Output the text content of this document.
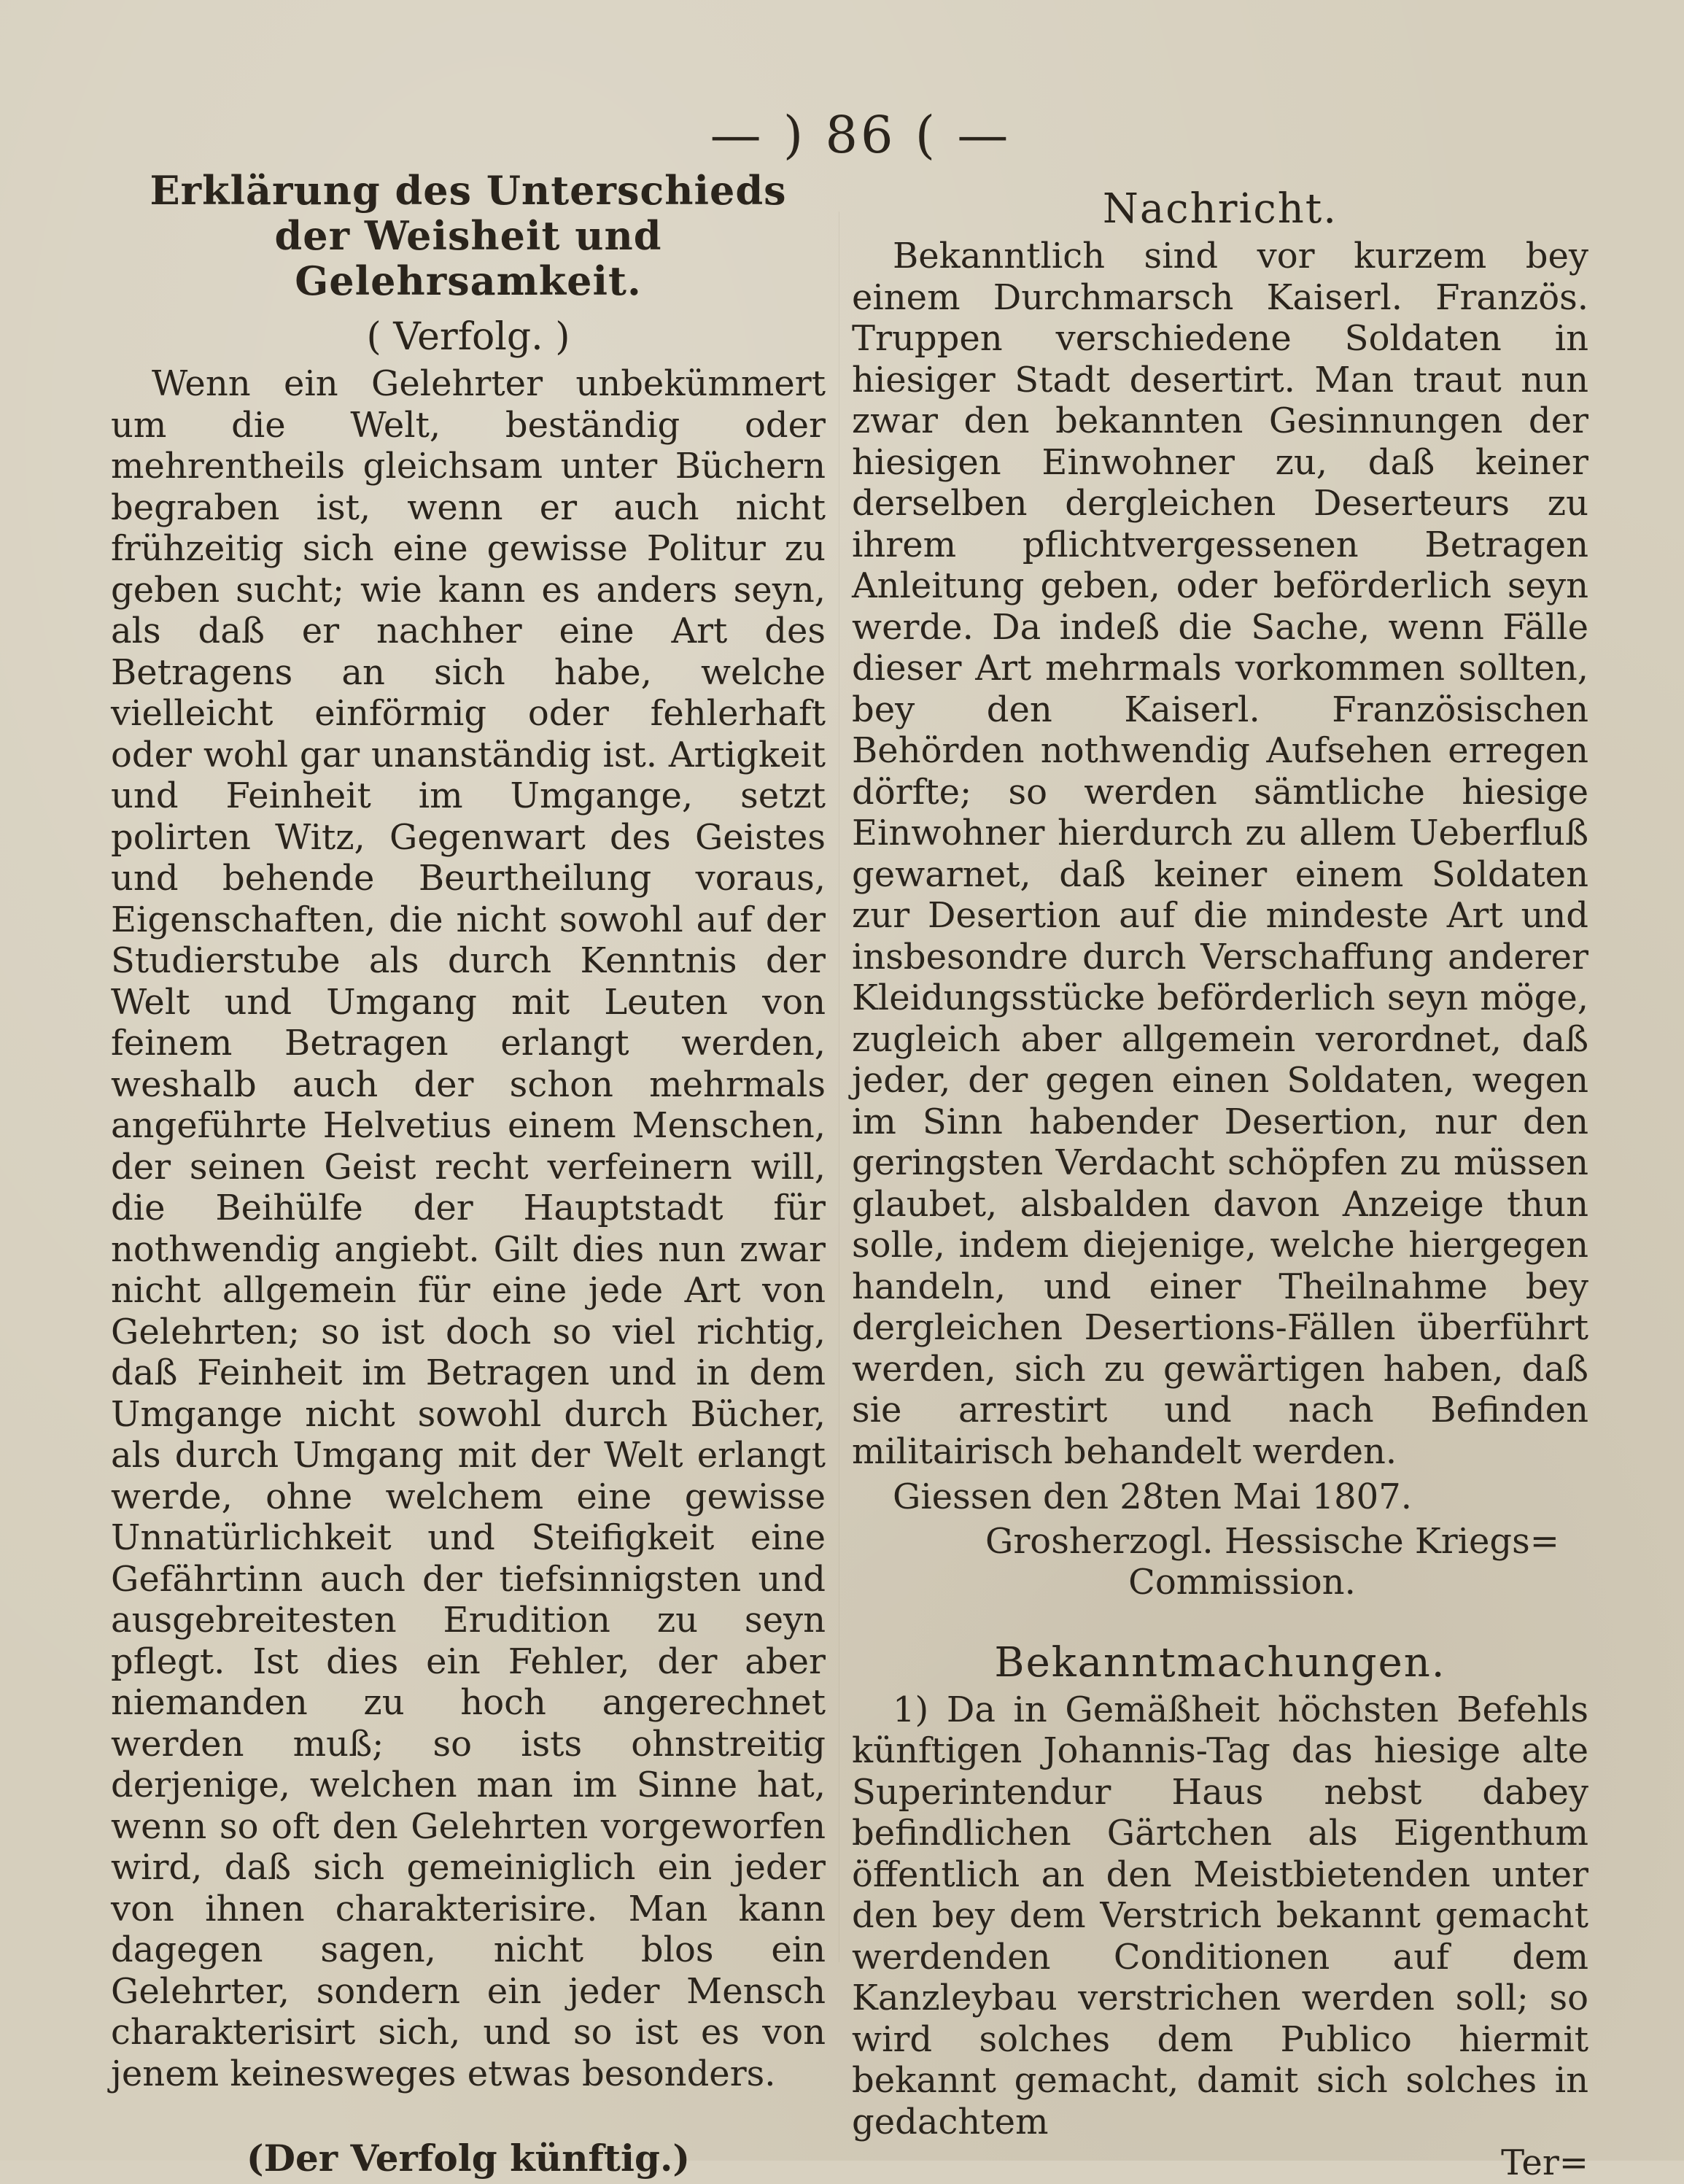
— ) 86 ( —
Erklärung des Unterschieds der Weisheit und Gelehrsamkeit.
( Verfolg. )

Wenn ein Gelehrter unbekümmert um die Welt, beständig oder mehrentheils gleichsam unter Büchern begraben ist, wenn er auch nicht frühzeitig sich eine gewisse Politur zu geben sucht; wie kann es anders seyn, als daß er nachher eine Art des Betragens an sich habe, welche vielleicht einförmig oder fehlerhaft oder wohl gar unanständig ist. Artigkeit und Feinheit im Umgange, setzt polirten Witz, Gegenwart des Geistes und behende Beurtheilung voraus, Eigenschaften, die nicht sowohl auf der Studierstube als durch Kenntnis der Welt und Umgang mit Leuten von feinem Betragen erlangt werden, weshalb auch der schon mehrmals angeführte Helvetius einem Menschen, der seinen Geist recht verfeinern will, die Beihülfe der Hauptstadt für nothwendig angiebt. Gilt dies nun zwar nicht allgemein für eine jede Art von Gelehrten; so ist doch so viel richtig, daß Feinheit im Betragen und in dem Umgange nicht sowohl durch Bücher, als durch Umgang mit der Welt erlangt werde, ohne welchem eine gewisse Unnatürlichkeit und Steifigkeit eine Gefährtinn auch der tiefsinnigsten und ausgebreitesten Erudition zu seyn pflegt. Ist dies ein Fehler, der aber niemanden zu hoch angerechnet werden muß; so ists ohnstreitig derjenige, welchen man im Sinne hat, wenn so oft den Gelehrten vorgeworfen wird, daß sich gemeiniglich ein jeder von ihnen charakterisire. Man kann dagegen sagen, nicht blos ein Gelehrter, sondern ein jeder Mensch charakterisirt sich, und so ist es von jenem keinesweges etwas besonders.

(Der Verfolg künftig.)
Nachricht.

Bekanntlich sind vor kurzem bey einem Durchmarsch Kaiserl. Französ. Truppen verschiedene Soldaten in hiesiger Stadt desertirt. Man traut nun zwar den bekannten Gesinnungen der hiesigen Einwohner zu, daß keiner derselben dergleichen Deserteurs zu ihrem pflichtvergessenen Betragen Anleitung geben, oder beförderlich seyn werde. Da indeß die Sache, wenn Fälle dieser Art mehrmals vorkommen sollten, bey den Kaiserl. Französischen Behörden nothwendig Aufsehen erregen dörfte; so werden sämtliche hiesige Einwohner hierdurch zu allem Ueberfluß gewarnet, daß keiner einem Soldaten zur Desertion auf die mindeste Art und insbesondre durch Verschaffung anderer Kleidungsstücke beförderlich seyn möge, zugleich aber allgemein verordnet, daß jeder, der gegen einen Soldaten, wegen im Sinn habender Desertion, nur den geringsten Verdacht schöpfen zu müssen glaubet, alsbalden davon Anzeige thun solle, indem diejenige, welche hiergegen handeln, und einer Theilnahme bey dergleichen Desertions-Fällen überführt werden, sich zu gewärtigen haben, daß sie arrestirt und nach Befinden militairisch behandelt werden.

Giessen den 28ten Mai 1807.

Grosherzogl. Hessische Kriegs=
Commission.
Bekanntmachungen.

1) Da in Gemäßheit höchsten Befehls künftigen Johannis-Tag das hiesige alte Superintendur Haus nebst dabey befindlichen Gärtchen als Eigenthum öffentlich an den Meistbietenden unter den bey dem Verstrich bekannt gemacht werdenden Conditionen auf dem Kanzleybau verstrichen werden soll; so wird solches dem Publico hiermit bekannt gemacht, damit sich solches in gedachtem

Ter=
